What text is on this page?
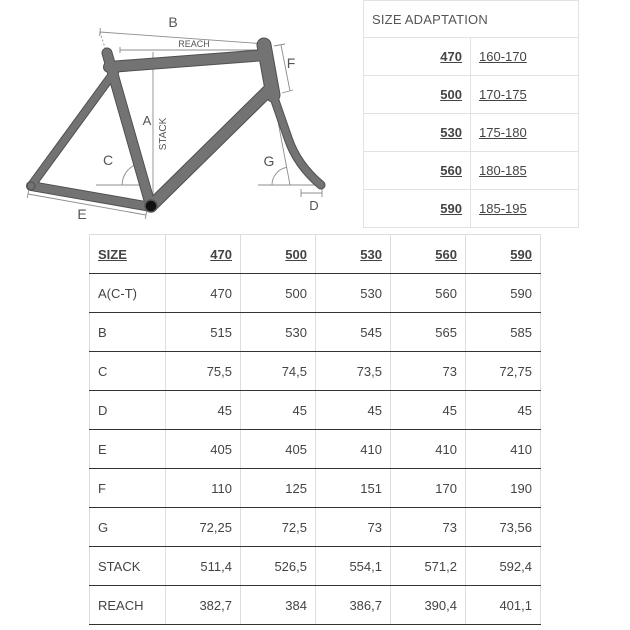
B
REACH
F
A STACK
C	G
D
E
SIZE ADAPTATION	
470	160-170
500	170-175
530	175-180
560	180-185
590	185-195
SIZE	470	500	530	560	590
A(C-T)	470	500	530	560	590
B	515	530	545	565	585
C	75,5	74,5	73,5	73	72,75
D	45	45	45	45	45
E	405	405	410	410	410
F	110	125	151	170	190
G	72,25	72,5	73	73	73,56
STACK	511,4	526,5	554,1	571,2	592,4
REACH	382,7	384	386,7	390,4	401,1
